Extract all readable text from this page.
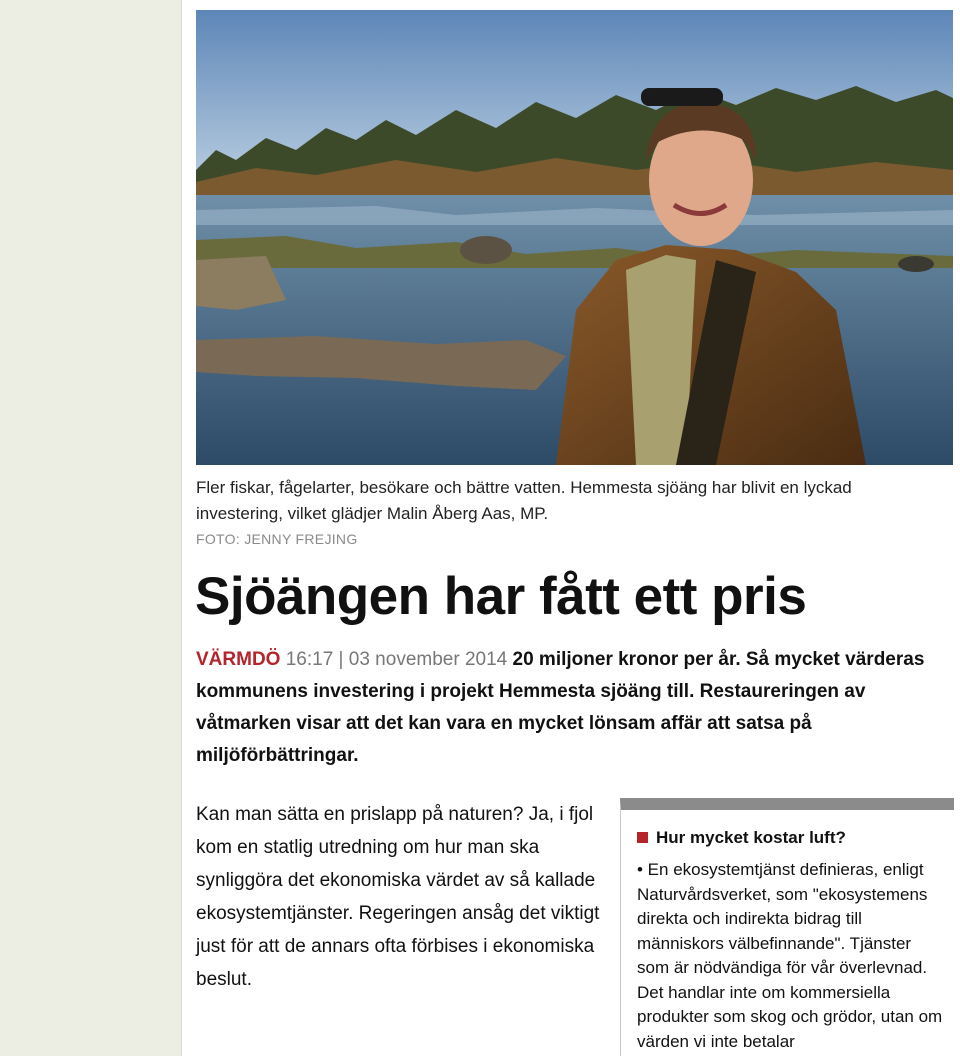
Fler fiskar, fågelarter, besökare och bättre vatten. Hemmesta sjöäng har blivit en lyckad investering, vilket glädjer Malin Åberg Aas, MP.
FOTO: JENNY FREJING
Sjöängen har fått ett pris
VÄRMDÖ 16:17 | 03 november 2014 20 miljoner kronor per år. Så mycket värderas kommunens investering i projekt Hemmesta sjöäng till. Restaureringen av våtmarken visar att det kan vara en mycket lönsam affär att satsa på miljöförbättringar.
Kan man sätta en prislapp på naturen? Ja, i fjol kom en statlig utredning om hur man ska synliggöra det ekonomiska värdet av så kallade ekosystemtjänster. Regeringen ansåg det viktigt just för att de annars ofta förbises i ekonomiska beslut.
Hur mycket kostar luft?
• En ekosystemtjänst definieras, enligt Naturvårdsverket, som "ekosystemens direkta och indirekta bidrag till människors välbefinnande". Tjänster som är nödvändiga för vår överlevnad. Det handlar inte om kommersiella produkter som skog och grödor, utan om värden vi inte betalar
